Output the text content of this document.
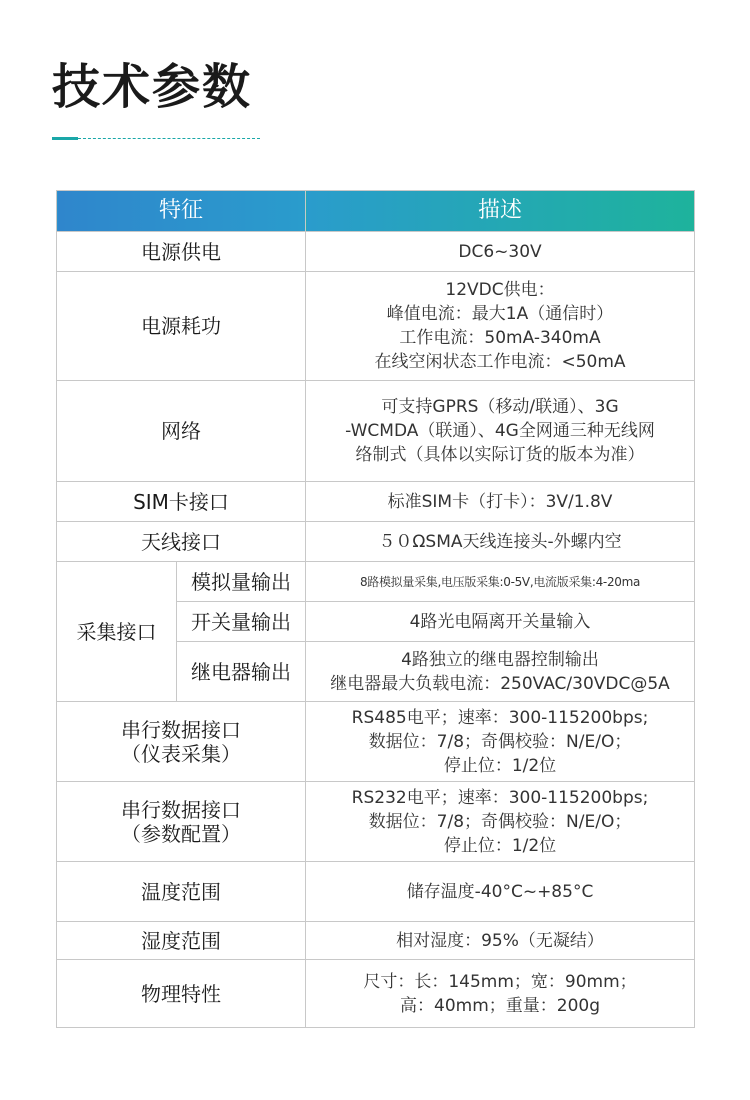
技术参数
特征		描述
电源供电		DC6~30V

电源耗功		12VDC供电：
峰值电流：最大1A（通信时）
工作电流：50mA-340mA
在线空闲状态工作电流：<50mA

网络		可支持GPRS（移动/联通）、3G
-WCMDA（联通）、4G全网通三种无线网
络制式（具体以实际订货的版本为准）

SIM卡接口		标准SIM卡（打卡）：3V/1.8V

天线接口		５０ΩSMA天线连接头-外螺内空

采集接口	模拟量输出	8路模拟量采集,电压版采集:0-5V,电流版采集:4-20ma

	开关量输出	4路光电隔离开关量输入

	继电器输出	4路独立的继电器控制输出
继电器最大负载电流：250VAC/30VDC@5A

串行数据接口
（仪表采集）		RS485电平；速率：300-115200bps;
数据位：7/8；奇偶校验：N/E/O；
停止位：1/2位

串行数据接口
（参数配置）		RS232电平；速率：300-115200bps;
数据位：7/8；奇偶校验：N/E/O；
停止位：1/2位

温度范围		储存温度-40°C~+85°C

湿度范围		相对湿度：95%（无凝结）

物理特性		尺寸：长：145mm；宽：90mm；
高：40mm；重量：200g
